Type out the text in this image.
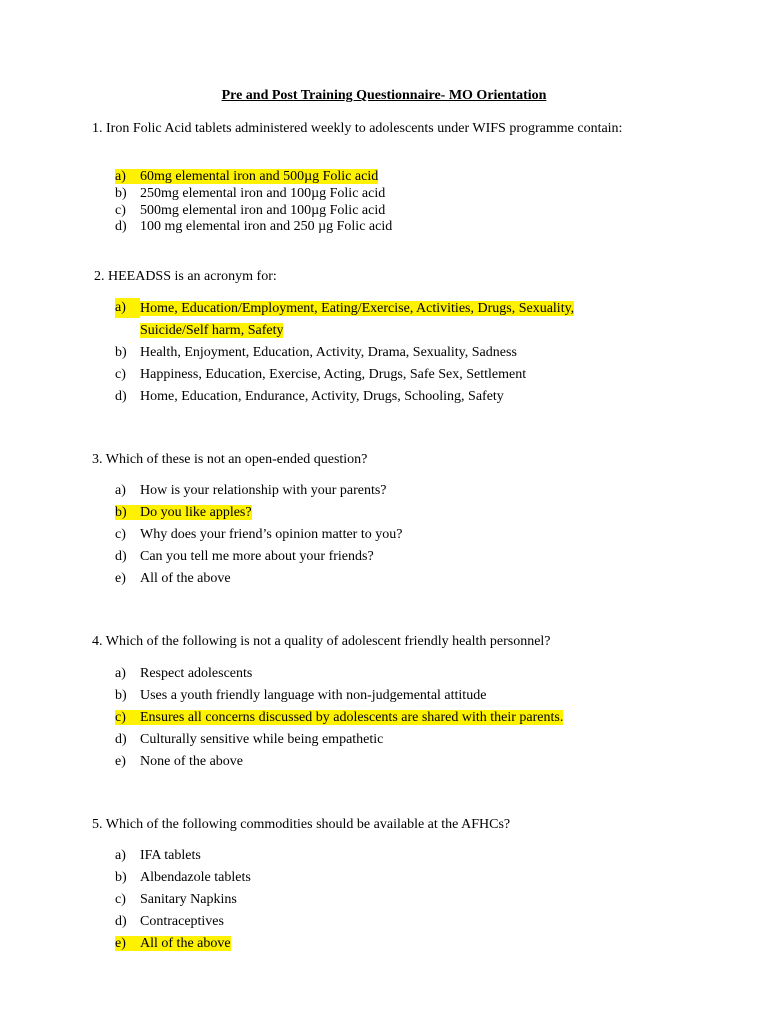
Pre and Post Training Questionnaire- MO Orientation
1. Iron Folic Acid tablets administered weekly to adolescents under WIFS programme contain:
a) 60mg elemental iron and 500µg Folic acid
b) 250mg elemental iron and 100µg Folic acid
c) 500mg elemental iron and 100µg Folic acid
d) 100 mg elemental iron and 250 µg Folic acid
2. HEEADSS is an acronym for:
a)	Home, Education/Employment, Eating/Exercise, Activities, Drugs, Sexuality, Suicide/Self harm, Safety
b) Health, Enjoyment, Education, Activity, Drama, Sexuality, Sadness
c) Happiness, Education, Exercise, Acting, Drugs, Safe Sex, Settlement
d) Home, Education, Endurance, Activity, Drugs, Schooling, Safety
3. Which of these is not an open-ended question?
a) How is your relationship with your parents?
b) Do you like apples?
c) Why does your friend’s opinion matter to you?
d) Can you tell me more about your friends?
e) All of the above
4. Which of the following is not a quality of adolescent friendly health personnel?
a) Respect adolescents
b) Uses a youth friendly language with non-judgemental attitude
c) Ensures all concerns discussed by adolescents are shared with their parents.
d) Culturally sensitive while being empathetic
e) None of the above
5. Which of the following commodities should be available at the AFHCs?
a) IFA tablets
b) Albendazole tablets
c) Sanitary Napkins
d) Contraceptives
e) All of the above
